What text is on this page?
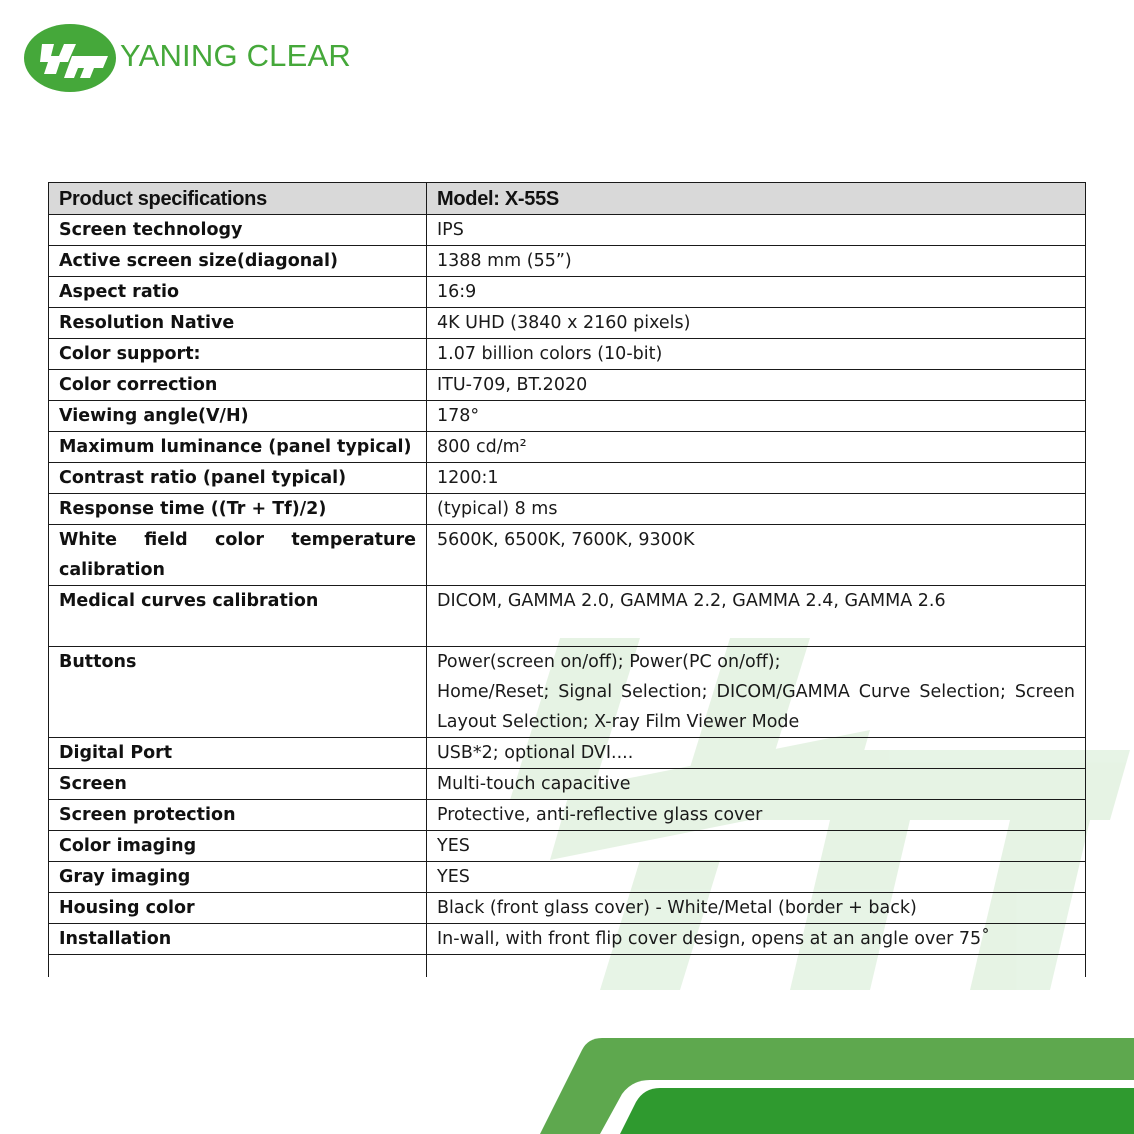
YANING CLEAR
Product specifications	Model: X-55S
Screen technology	IPS
Active screen size(diagonal)	1388 mm (55”)
Aspect ratio	16:9
Resolution Native	4K UHD (3840 x 2160 pixels)
Color support:	1.07 billion colors (10-bit)
Color correction	ITU-709, BT.2020
Viewing angle(V/H)	178°
Maximum luminance (panel typical)	800 cd/m²
Contrast ratio (panel typical)	1200:1
Response time ((Tr + Tf)/2)	(typical) 8 ms
White field color temperature calibration	5600K, 6500K, 7600K, 9300K
Medical curves calibration	DICOM, GAMMA 2.0, GAMMA 2.2, GAMMA 2.4, GAMMA 2.6
Buttons	Power(screen on/off); Power(PC on/off);
Home/Reset; Signal Selection; DICOM/GAMMA Curve Selection; Screen Layout Selection; X-ray Film Viewer Mode

Digital Port	USB*2; optional DVI....
Screen	Multi-touch capacitive
Screen protection	Protective, anti-reflective glass cover
Color imaging	YES
Gray imaging	YES
Housing color	Black (front glass cover) - White/Metal (border + back)
Installation	In-wall, with front flip cover design, opens at an angle over 75˚
